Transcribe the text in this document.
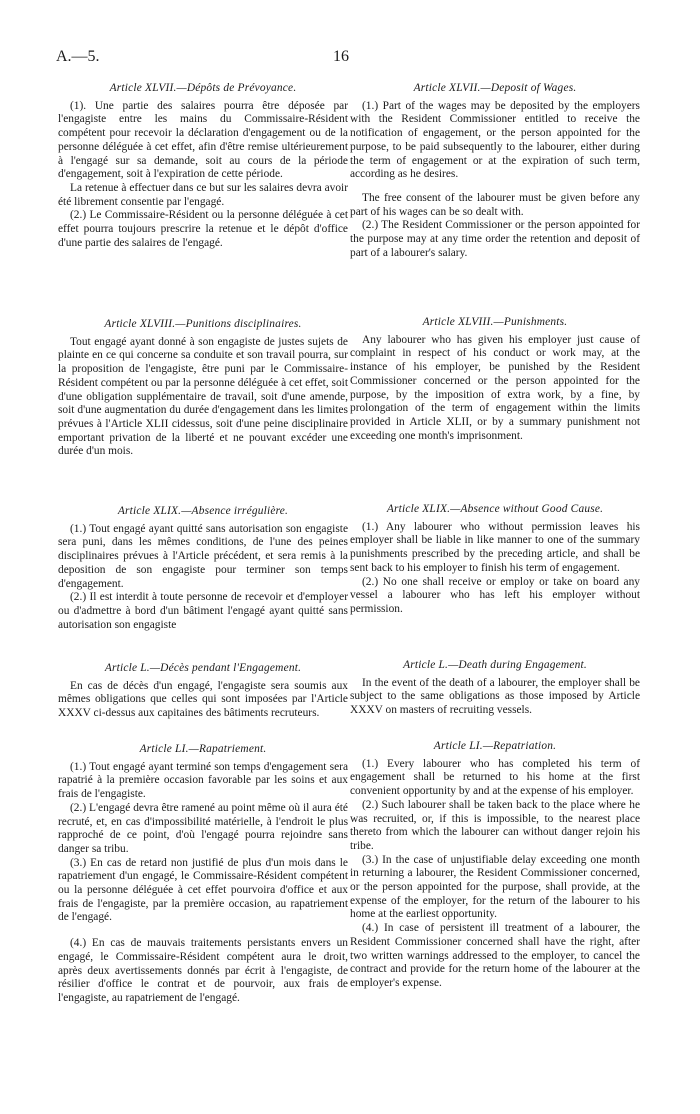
A.—5.	16

Article XLVII.—Dépôts de Prévoyance.

(1). Une partie des salaires pourra être déposée par l'engagiste entre les mains du Commissaire-Résident compétent pour recevoir la déclaration d'engagement ou de la personne déléguée à cet effet, afin d'être remise ultérieurement à l'engagé sur sa demande, soit au cours de la période d'engagement, soit à l'expiration de cette période.

La retenue à effectuer dans ce but sur les salaires devra avoir été librement consentie par l'engagé.

(2.) Le Commissaire-Résident ou la personne déléguée à cet effet pourra toujours prescrire la retenue et le dépôt d'office d'une partie des salaires de l'engagé.

Article XLVIII.—Punitions disciplinaires.

Tout engagé ayant donné à son engagiste de justes sujets de plainte en ce qui concerne sa conduite et son travail pourra, sur la proposition de l'engagiste, être puni par le Commissaire-Résident compétent ou par la personne déléguée à cet effet, soit d'une obligation supplémentaire de travail, soit d'une amende, soit d'une augmentation du durée d'engagement dans les limites prévues à l'Article XLII cidessus, soit d'une peine disciplinaire emportant privation de la liberté et ne pouvant excéder une durée d'un mois.

Article XLIX.—Absence irrégulière.

(1.) Tout engagé ayant quitté sans autorisation son engagiste sera puni, dans les mêmes conditions, de l'une des peines disciplinaires prévues à l'Article précédent, et sera remis à la deposition de son engagiste pour terminer son temps d'engagement.

(2.) Il est interdit à toute personne de recevoir et d'employer ou d'admettre à bord d'un bâtiment l'engagé ayant quitté sans autorisation son engagiste

Article L.—Décès pendant l'Engagement.

En cas de décès d'un engagé, l'engagiste sera soumis aux mêmes obligations que celles qui sont imposées par l'Article XXXV ci-dessus aux capitaines des bâtiments recruteurs.

Article LI.—Rapatriement.

(1.) Tout engagé ayant terminé son temps d'engagement sera rapatrié à la première occasion favorable par les soins et aux frais de l'engagiste.

(2.) L'engagé devra être ramené au point même où il aura été recruté, et, en cas d'impossibilité matérielle, à l'endroit le plus rapproché de ce point, d'où l'engagé pourra rejoindre sans danger sa tribu.

(3.) En cas de retard non justifié de plus d'un mois dans le rapatriement d'un engagé, le Commissaire-Résident compétent ou la personne déléguée à cet effet pourvoira d'office et aux frais de l'engagiste, par la première occasion, au rapatriement de l'engagé.

(4.) En cas de mauvais traitements persistants envers un engagé, le Commissaire-Résident compétent aura le droit, après deux avertissements donnés par écrit à l'engagiste, de résilier d'office le contrat et de pourvoir, aux frais de l'engagiste, au rapatriement de l'engagé.

Article XLVII.—Deposit of Wages.

(1.) Part of the wages may be deposited by the employers with the Resident Commissioner entitled to receive the notification of engagement, or the person appointed for the purpose, to be paid subsequently to the labourer, either during the term of engagement or at the expiration of such term, according as he desires.

The free consent of the labourer must be given before any part of his wages can be so dealt with.

(2.) The Resident Commissioner or the person appointed for the purpose may at any time order the retention and deposit of part of a labourer's salary.

Article XLVIII.—Punishments.

Any labourer who has given his employer just cause of complaint in respect of his conduct or work may, at the instance of his employer, be punished by the Resident Commissioner concerned or the person appointed for the purpose, by the imposition of extra work, by a fine, by prolongation of the term of engagement within the limits provided in Article XLII, or by a summary punishment not exceeding one month's imprisonment.

Article XLIX.—Absence without Good Cause.

(1.) Any labourer who without permission leaves his employer shall be liable in like manner to one of the summary punishments prescribed by the preceding article, and shall be sent back to his employer to finish his term of engagement.

(2.) No one shall receive or employ or take on board any vessel a labourer who has left his employer without permission.

Article L.—Death during Engagement.

In the event of the death of a labourer, the employer shall be subject to the same obligations as those imposed by Article XXXV on masters of recruiting vessels.

Article LI.—Repatriation.

(1.) Every labourer who has completed his term of engagement shall be returned to his home at the first convenient opportunity by and at the expense of his employer.

(2.) Such labourer shall be taken back to the place where he was recruited, or, if this is impossible, to the nearest place thereto from which the labourer can without danger rejoin his tribe.

(3.) In the case of unjustifiable delay exceeding one month in returning a labourer, the Resident Commissioner concerned, or the person appointed for the purpose, shall provide, at the expense of the employer, for the return of the labourer to his home at the earliest opportunity.

(4.) In case of persistent ill treatment of a labourer, the Resident Commissioner concerned shall have the right, after two written warnings addressed to the employer, to cancel the contract and provide for the return home of the labourer at the employer's expense.
